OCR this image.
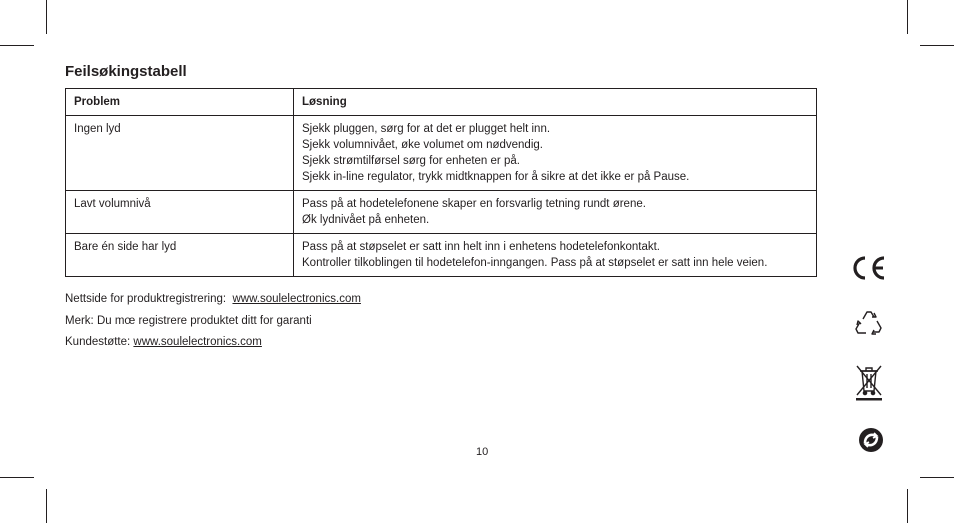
Feilsøkingstabell
Problem	Løsning
Ingen lyd	Sjekk pluggen, sørg for at det er plugget helt inn.
Sjekk volumnivået, øke volumet om nødvendig.
Sjekk strømtilførsel sørg for enheten er på.
Sjekk in-line regulator, trykk midtknappen for å sikre at det ikke er på Pause.

Lavt volumnivå	Pass på at hodetelefonene skaper en forsvarlig tetning rundt ørene.
Øk lydnivået på enheten.

Bare én side har lyd	Pass på at støpselet er satt inn helt inn i enhetens hodetelefonkontakt.
Kontroller tilkoblingen til hodetelefon-inngangen. Pass på at støpselet er satt inn hele veien.

Nettside for produktregistrering: www.soulelectronics.com

Merk: Du mœ registrere produktet ditt for garanti

Kundestøtte: www.soulelectronics.com

10
